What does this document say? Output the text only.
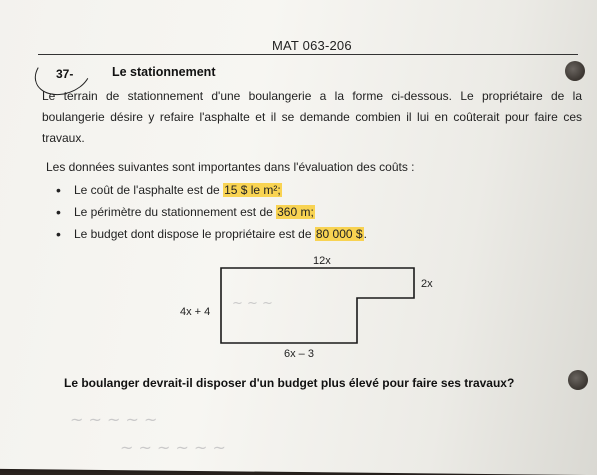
MAT 063-206
37-	Le stationnement
Le terrain de stationnement d'une boulangerie a la forme ci-dessous. Le propriétaire de la boulangerie désire y refaire l'asphalte et il se demande combien il lui en coûterait pour faire ces travaux.
Les données suivantes sont importantes dans l'évaluation des coûts :
• Le coût de l'asphalte est de 15 $ le m²;
• Le périmètre du stationnement est de 360 m;
• Le budget dont dispose le propriétaire est de 80 000 $.
12x
2x
4x + 4
6x – 3
Le boulanger devrait-il disposer d'un budget plus élevé pour faire ses travaux?
~ ~ ~
~ ~ ~ ~ ~
~ ~ ~ ~ ~ ~
